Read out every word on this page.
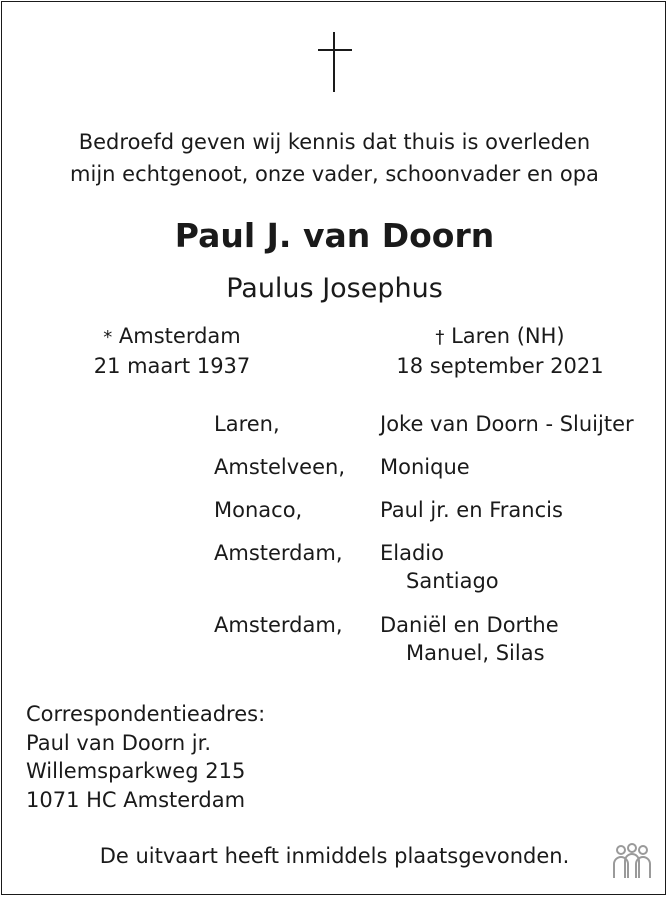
Bedroefd geven wij kennis dat thuis is overleden
mijn echtgenoot, onze vader, schoonvader en opa
Paul J. van Doorn
Paulus Josephus
* Amsterdam
21 maart 1937
† Laren (NH)
18 september 2021
Laren,	Joke van Doorn - Sluijter
Amstelveen, Monique
Monaco,	Paul jr. en Francis
Amsterdam, Eladio
Santiago
Amsterdam, Daniël en Dorthe
Manuel, Silas
Correspondentieadres:
Paul van Doorn jr.
Willemsparkweg 215
1071 HC Amsterdam
De uitvaart heeft inmiddels plaatsgevonden.
